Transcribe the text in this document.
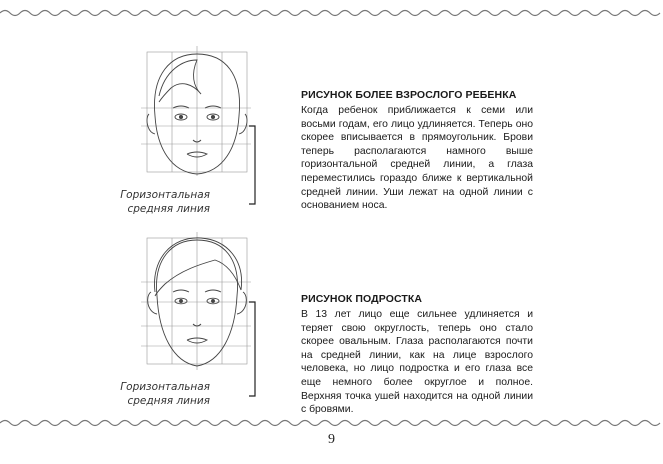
Горизонтальная средняя линия

РИСУНОК БОЛЕЕ ВЗРОСЛОГО РЕБЕНКА

Когда ребенок приближается к семи или восьми годам, его лицо удлиняется. Теперь оно скорее вписывается в прямоугольник. Брови теперь располагаются намного выше горизонтальной средней линии, а глаза переместились гораздо ближе к вертикальной средней линии. Уши лежат на одной линии с основанием носа.

Горизонтальная средняя линия

РИСУНОК ПОДРОСТКА

В 13 лет лицо еще сильнее удлиняется и теряет свою округлость, теперь оно стало скорее овальным. Глаза располагаются почти на средней линии, как на лице взрослого человека, но лицо подростка и его глаза все еще немного более округлое и полное. Верхняя точка ушей находится на одной линии с бровями.

9
